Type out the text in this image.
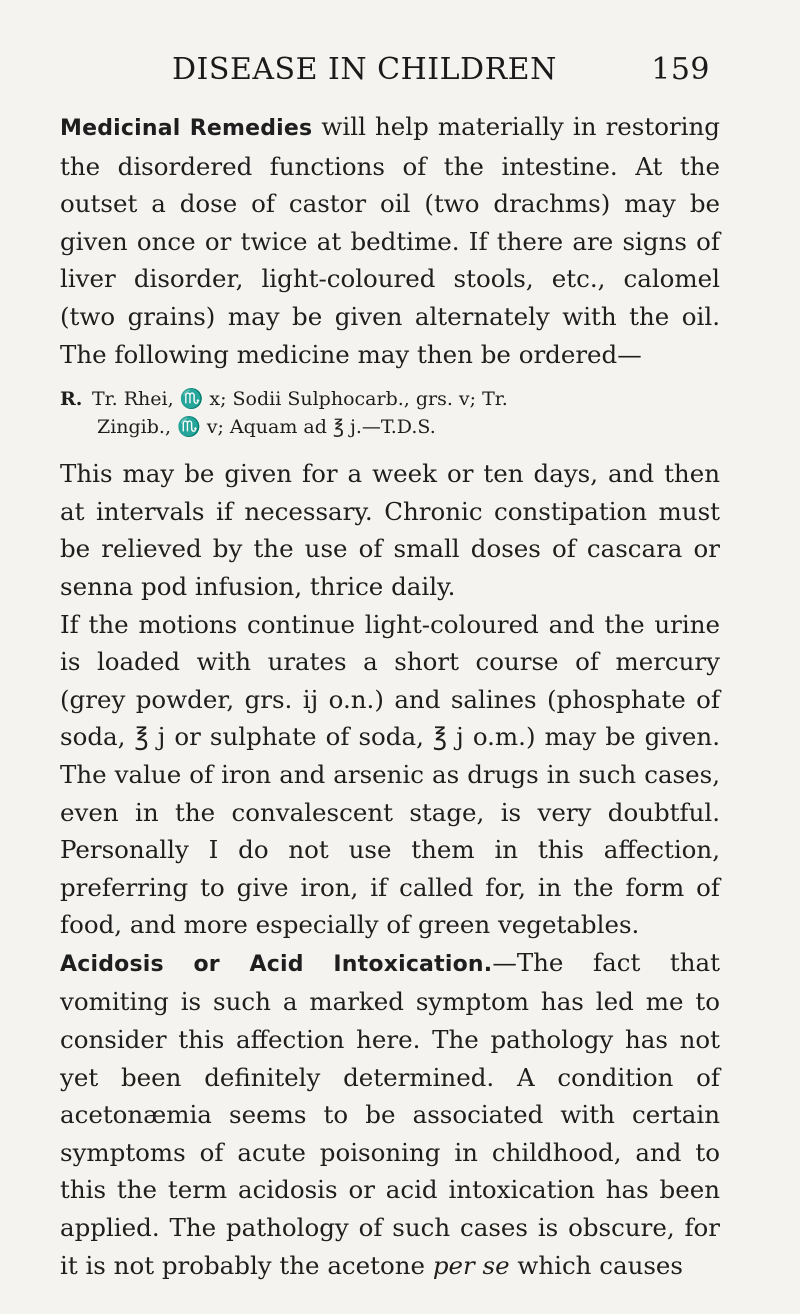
DISEASE IN CHILDREN	159

Medicinal Remedies will help materially in restoring the disordered functions of the intestine. At the outset a dose of castor oil (two drachms) may be given once or twice at bedtime. If there are signs of liver disorder, light-coloured stools, etc., calomel (two grains) may be given alternately with the oil. The following medicine may then be ordered—

R. Tr. Rhei, ♏ x; Sodii Sulphocarb., grs. v; Tr.
Zingib., ♏ v; Aquam ad ℥ j.—T.D.S.

This may be given for a week or ten days, and then at intervals if necessary. Chronic constipation must be relieved by the use of small doses of cascara or senna pod infusion, thrice daily.

If the motions continue light-coloured and the urine is loaded with urates a short course of mercury (grey powder, grs. ij o.n.) and salines (phosphate of soda, ℥ j or sulphate of soda, ℥ j o.m.) may be given. The value of iron and arsenic as drugs in such cases, even in the convalescent stage, is very doubtful. Personally I do not use them in this affection, preferring to give iron, if called for, in the form of food, and more especially of green vegetables.

Acidosis or Acid Intoxication.—The fact that vomiting is such a marked symptom has led me to consider this affection here. The pathology has not yet been definitely determined. A condition of acetonæmia seems to be associated with certain symptoms of acute poisoning in childhood, and to this the term acidosis or acid intoxication has been applied. The pathology of such cases is obscure, for it is not probably the acetone per se which causes
